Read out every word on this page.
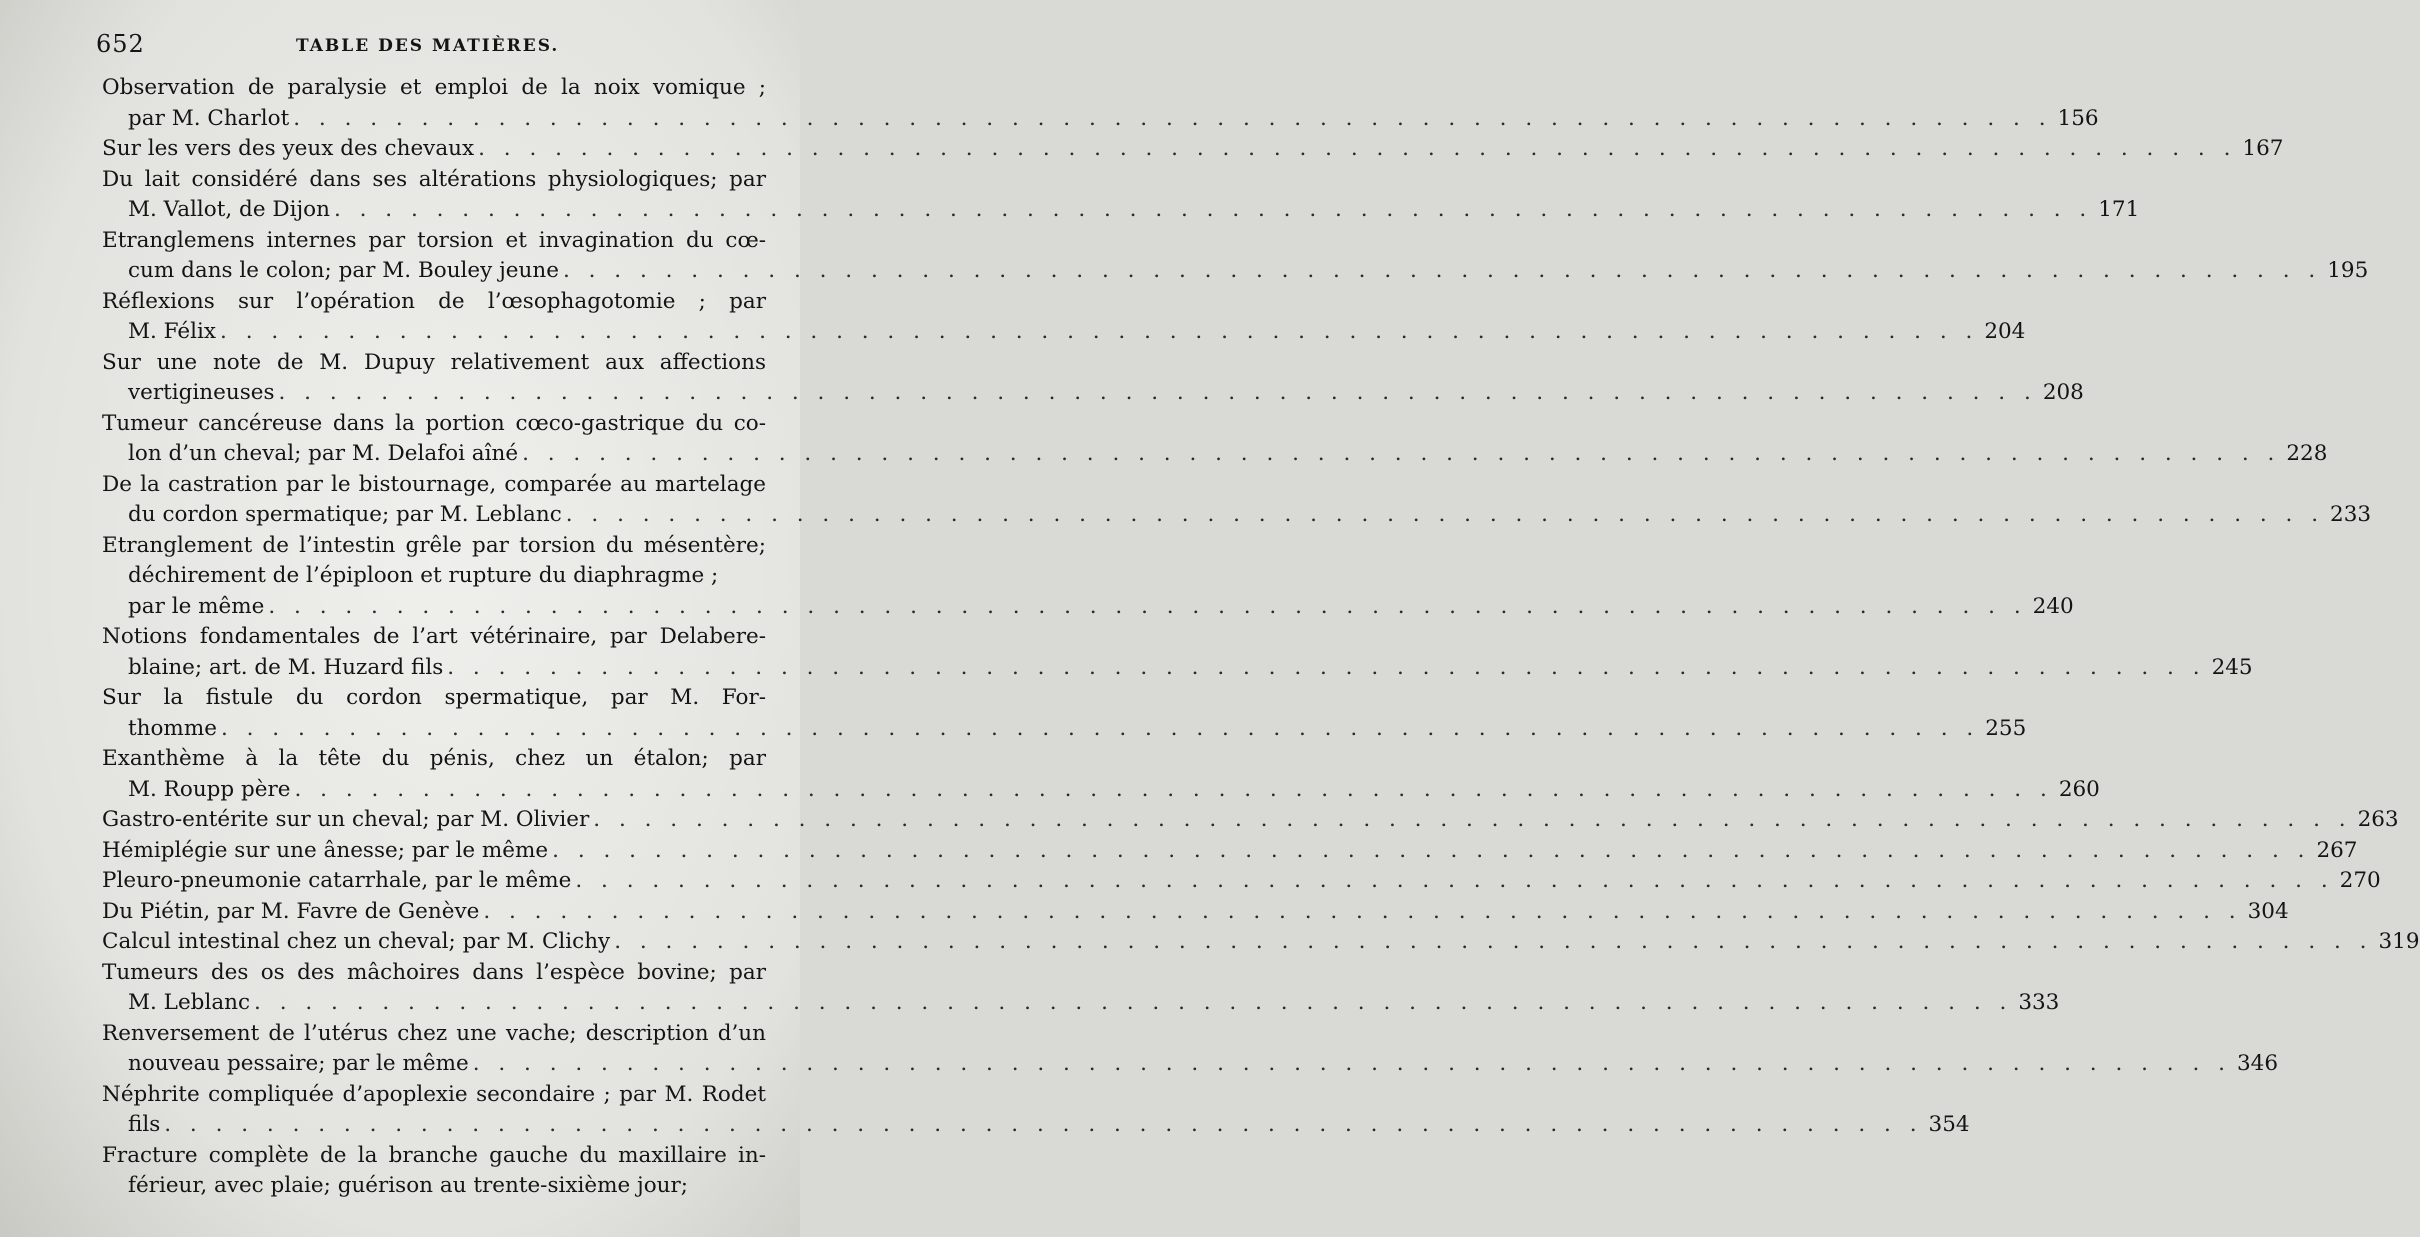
652	TABLE DES MATIÈRES.
Observation de paralysie et emploi de la noix vomique ;
par M. Charlot . . .	156
Sur les vers des yeux des chevaux . . .	167
Du lait considéré dans ses altérations physiologiques; par
M. Vallot, de Dijon . . .	171
Etranglemens internes par torsion et invagination du cœ-
cum dans le colon; par M. Bouley jeune . . .	195
Réflexions sur l’opération de l’œsophagotomie ; par
M. Félix . . .	204
Sur une note de M. Dupuy relativement aux affections
vertigineuses . . .	208
Tumeur cancéreuse dans la portion cœco-gastrique du co-
lon d’un cheval; par M. Delafoi aîné . . .	228
De la castration par le bistournage, comparée au martelage
du cordon spermatique; par M. Leblanc . . .	233
Etranglement de l’intestin grêle par torsion du mésentère;
déchirement de l’épiploon et rupture du diaphragme ;
par le même . . .	240
Notions fondamentales de l’art vétérinaire, par Delabere-
blaine; art. de M. Huzard fils . . .	245
Sur la fistule du cordon spermatique, par M. For-
thomme . . .	255
Exanthème à la tête du pénis, chez un étalon; par
M. Roupp père . . .	260
Gastro-entérite sur un cheval; par M. Olivier . . .	263
Hémiplégie sur une ânesse; par le même . . .	267
Pleuro-pneumonie catarrhale, par le même . . .	270
Du Piétin, par M. Favre de Genève . . .	304
Calcul intestinal chez un cheval; par M. Clichy . . .	319
Tumeurs des os des mâchoires dans l’espèce bovine; par
M. Leblanc . . .	333
Renversement de l’utérus chez une vache; description d’un
nouveau pessaire; par le même . . .	346
Néphrite compliquée d’apoplexie secondaire ; par M. Rodet
fils . . .	354
Fracture complète de la branche gauche du maxillaire in-
férieur, avec plaie; guérison au trente-sixième jour;
